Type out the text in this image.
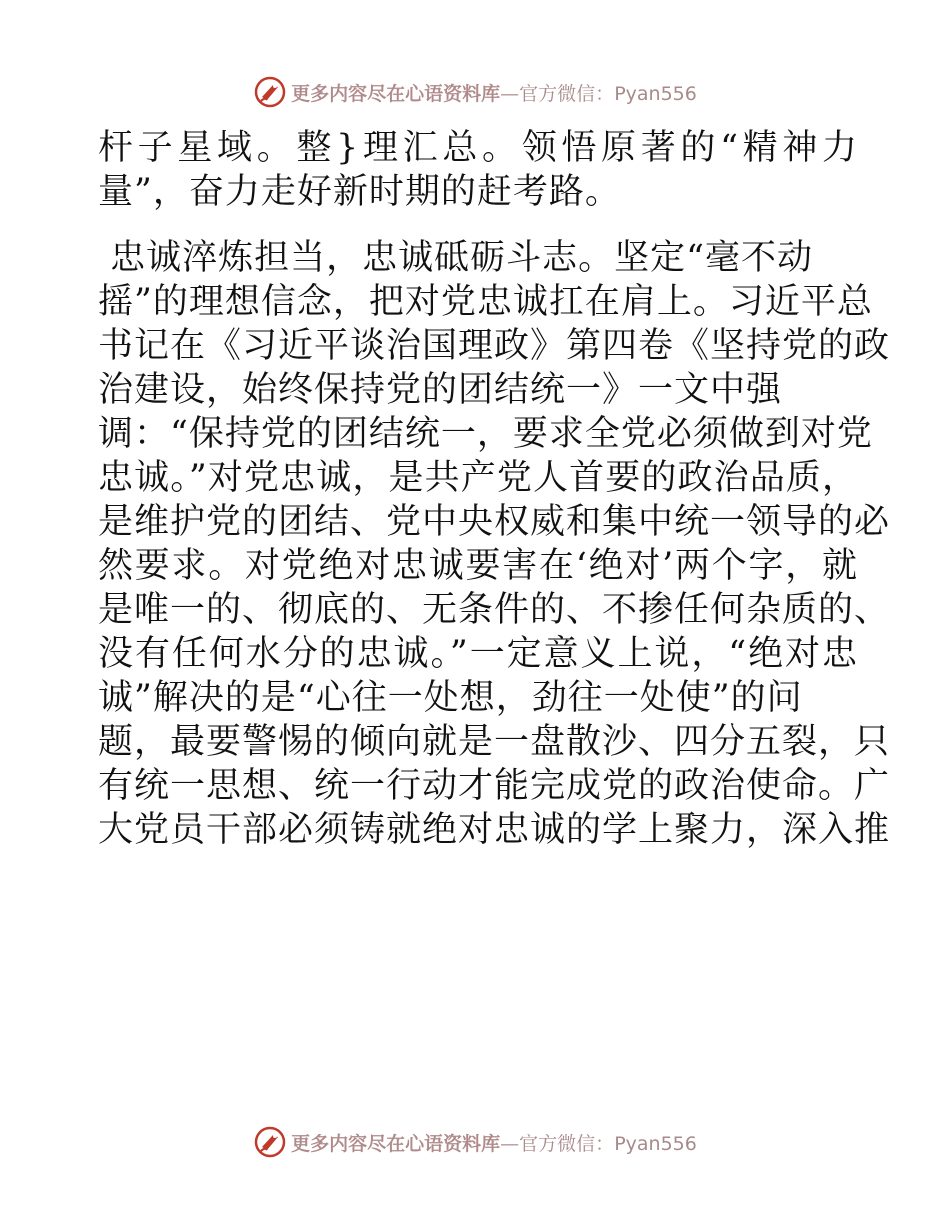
更多内容尽在心语资料库—官方微信：Pyan556
杆子星域。整}理汇总。领悟原著的“精神力
量”，奋力走好新时期的赶考路。
忠诚淬炼担当，忠诚砥砺斗志。坚定“毫不动
摇”的理想信念，把对党忠诚扛在肩上。习近平总
书记在《习近平谈治国理政》第四卷《坚持党的政
治建设，始终保持党的团结统一》一文中强
调：“保持党的团结统一，要求全党必须做到对党
忠诚。”对党忠诚，是共产党人首要的政治品质，
是维护党的团结、党中央权威和集中统一领导的必
然要求。对党绝对忠诚要害在‘绝对’两个字，就
是唯一的、彻底的、无条件的、不掺任何杂质的、
没有任何水分的忠诚。”一定意义上说，“绝对忠
诚”解决的是“心往一处想，劲往一处使”的问
题，最要警惕的倾向就是一盘散沙、四分五裂，只
有统一思想、统一行动才能完成党的政治使命。广
大党员干部必须铸就绝对忠诚的学上聚力，深入推
更多内容尽在心语资料库—官方微信：Pyan556
